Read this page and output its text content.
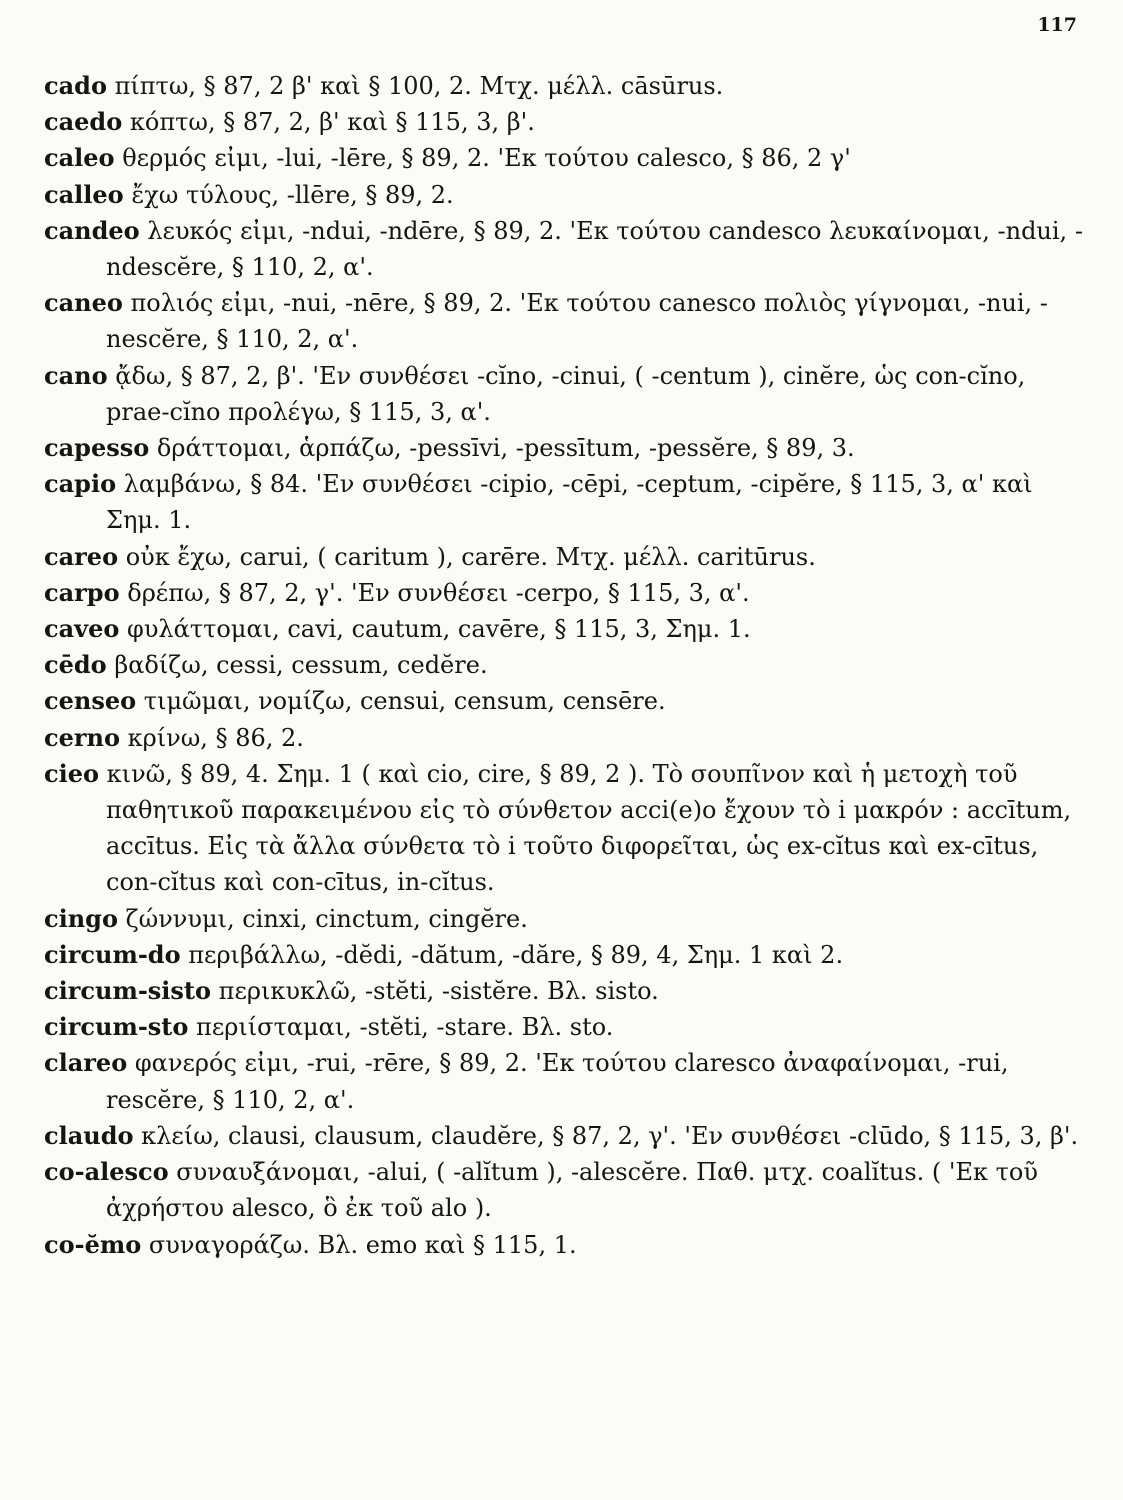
117

cado πίπτω, § 87, 2 β' καὶ § 100, 2. Μτχ. μέλλ. cāsūrus.

caedo κόπτω, § 87, 2, β' καὶ § 115, 3, β'.

caleo θερμός εἰμι, -lui, -lēre, § 89, 2. 'Εκ τούτου calesco, § 86, 2 γ'

calleo ἔχω τύλους, -llēre, § 89, 2.

candeo λευκός εἰμι, -ndui, -ndēre, § 89, 2. 'Εκ τούτου candesco λευκαίνομαι, -ndui, -ndescĕre, § 110, 2, α'.

caneo πολιός εἰμι, -nui, -nēre, § 89, 2. 'Εκ τούτου canesco πολιὸς γίγνομαι, -nui, -nescĕre, § 110, 2, α'.

cano ᾄδω, § 87, 2, β'. 'Εν συνθέσει -cĭno, -cinui, ( -centum ), cinĕre, ὡς con-cĭno, prae-cĭno προλέγω, § 115, 3, α'.

capesso δράττομαι, ἁρπάζω, -pessīvi, -pessītum, -pessĕre, § 89, 3.

capio λαμβάνω, § 84. 'Εν συνθέσει -cipio, -cēpi, -ceptum, -cipĕre, § 115, 3, α' καὶ Σημ. 1.

careo οὐκ ἔχω, carui, ( caritum ), carēre. Μτχ. μέλλ. caritūrus.

carpo δρέπω, § 87, 2, γ'. 'Εν συνθέσει -cerpo, § 115, 3, α'.

caveo φυλάττομαι, cavi, cautum, cavēre, § 115, 3, Σημ. 1.

cēdo βαδίζω, cessi, cessum, cedĕre.

censeo τιμῶμαι, νομίζω, censui, censum, censēre.

cerno κρίνω, § 86, 2.

cieo κινῶ, § 89, 4. Σημ. 1 ( καὶ cio, cire, § 89, 2 ). Τὸ σουπῖνον καὶ ἡ μετοχὴ τοῦ παθητικοῦ παρακειμένου εἰς τὸ σύνθετον acci(e)o ἔχουν τὸ i μακρόν : accītum, accītus. Εἰς τὰ ἄλλα σύνθετα τὸ i τοῦτο διφορεῖται, ὡς ex-cĭtus καὶ ex-cītus, con-cĭtus καὶ con-cītus, in-cĭtus.

cingo ζώννυμι, cinxi, cinctum, cingĕre.

circum-do περιβάλλω, -dĕdi, -dătum, -dăre, § 89, 4, Σημ. 1 καὶ 2.

circum-sisto περικυκλῶ, -stĕti, -sistĕre. Βλ. sisto.

circum-sto περιίσταμαι, -stĕti, -stare. Βλ. sto.

clareo φανερός εἰμι, -rui, -rēre, § 89, 2. 'Εκ τούτου claresco ἀναφαίνομαι, -rui, rescĕre, § 110, 2, α'.

claudo κλείω, clausi, clausum, claudĕre, § 87, 2, γ'. 'Εν συνθέσει -clūdo, § 115, 3, β'.

co-alesco συναυξάνομαι, -alui, ( -alĭtum ), -alescĕre. Παθ. μτχ. coalĭtus. ( 'Εκ τοῦ ἀχρήστου alesco, ὃ ἐκ τοῦ alo ).

co-ĕmo συναγοράζω. Βλ. emo καὶ § 115, 1.
